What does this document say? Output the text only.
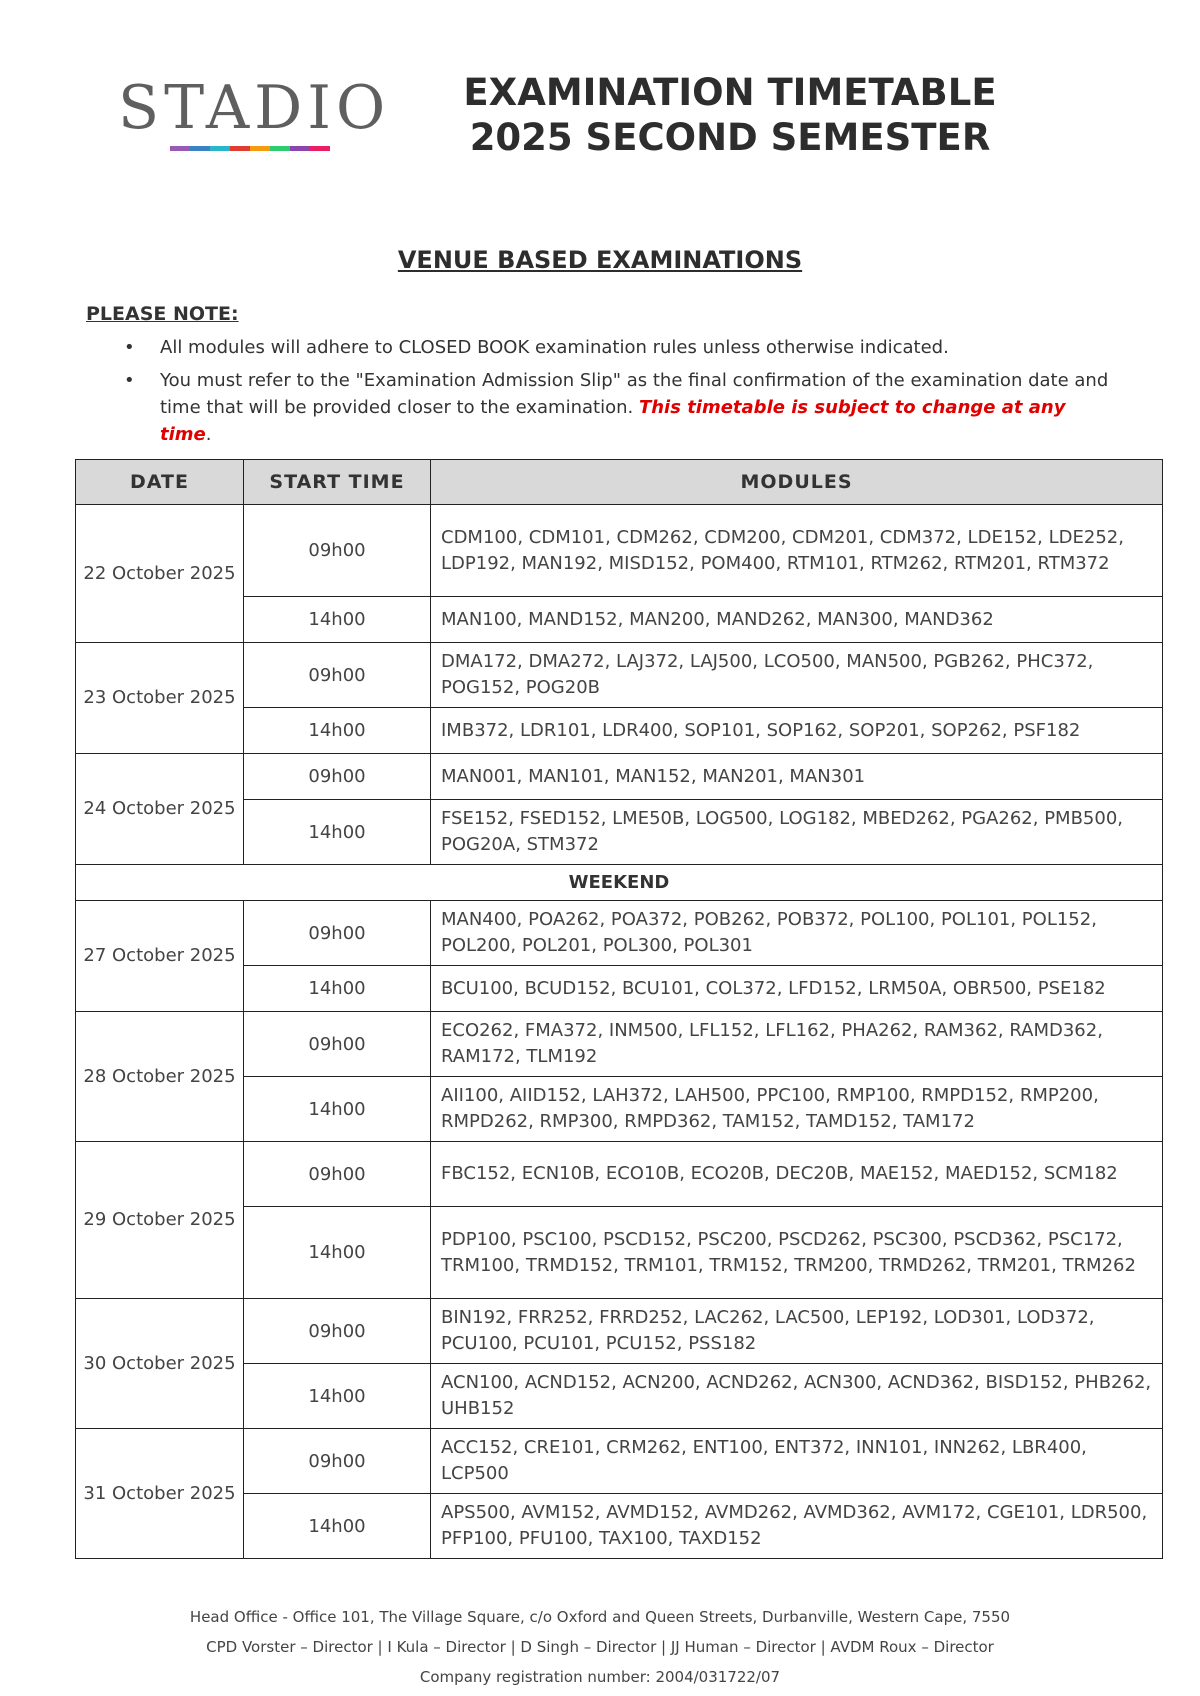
STADIO	EXAMINATION TIMETABLE
2025 SECOND SEMESTER
VENUE BASED EXAMINATIONS
PLEASE NOTE:
• All modules will adhere to CLOSED BOOK examination rules unless otherwise indicated.
• You must refer to the "Examination Admission Slip" as the final confirmation of the examination date and time that will be provided closer to the examination. This timetable is subject to change at any time.
DATE	START TIME	MODULES
22 October 2025	09h00	CDM100, CDM101, CDM262, CDM200, CDM201, CDM372, LDE152, LDE252, LDP192, MAN192, MISD152, POM400, RTM101, RTM262, RTM201, RTM372
	14h00	MAN100, MAND152, MAN200, MAND262, MAN300, MAND362
23 October 2025	09h00	DMA172, DMA272, LAJ372, LAJ500, LCO500, MAN500, PGB262, PHC372, POG152, POG20B
	14h00	IMB372, LDR101, LDR400, SOP101, SOP162, SOP201, SOP262, PSF182
24 October 2025	09h00	MAN001, MAN101, MAN152, MAN201, MAN301
	14h00	FSE152, FSED152, LME50B, LOG500, LOG182, MBED262, PGA262, PMB500, POG20A, STM372
WEEKEND		
27 October 2025	09h00	MAN400, POA262, POA372, POB262, POB372, POL100, POL101, POL152, POL200, POL201, POL300, POL301
	14h00	BCU100, BCUD152, BCU101, COL372, LFD152, LRM50A, OBR500, PSE182
28 October 2025	09h00	ECO262, FMA372, INM500, LFL152, LFL162, PHA262, RAM362, RAMD362, RAM172, TLM192
	14h00	AII100, AIID152, LAH372, LAH500, PPC100, RMP100, RMPD152, RMP200, RMPD262, RMP300, RMPD362, TAM152, TAMD152, TAM172
29 October 2025	09h00	FBC152, ECN10B, ECO10B, ECO20B, DEC20B, MAE152, MAED152, SCM182
	14h00	PDP100, PSC100, PSCD152, PSC200, PSCD262, PSC300, PSCD362, PSC172, TRM100, TRMD152, TRM101, TRM152, TRM200, TRMD262, TRM201, TRM262
30 October 2025	09h00	BIN192, FRR252, FRRD252, LAC262, LAC500, LEP192, LOD301, LOD372, PCU100, PCU101, PCU152, PSS182
	14h00	ACN100, ACND152, ACN200, ACND262, ACN300, ACND362, BISD152, PHB262, UHB152
31 October 2025	09h00	ACC152, CRE101, CRM262, ENT100, ENT372, INN101, INN262, LBR400, LCP500
	14h00	APS500, AVM152, AVMD152, AVMD262, AVMD362, AVM172, CGE101, LDR500, PFP100, PFU100, TAX100, TAXD152
Head Office - Office 101, The Village Square, c/o Oxford and Queen Streets, Durbanville, Western Cape, 7550
CPD Vorster – Director | I Kula – Director | D Singh – Director | JJ Human – Director | AVDM Roux – Director
Company registration number: 2004/031722/07
